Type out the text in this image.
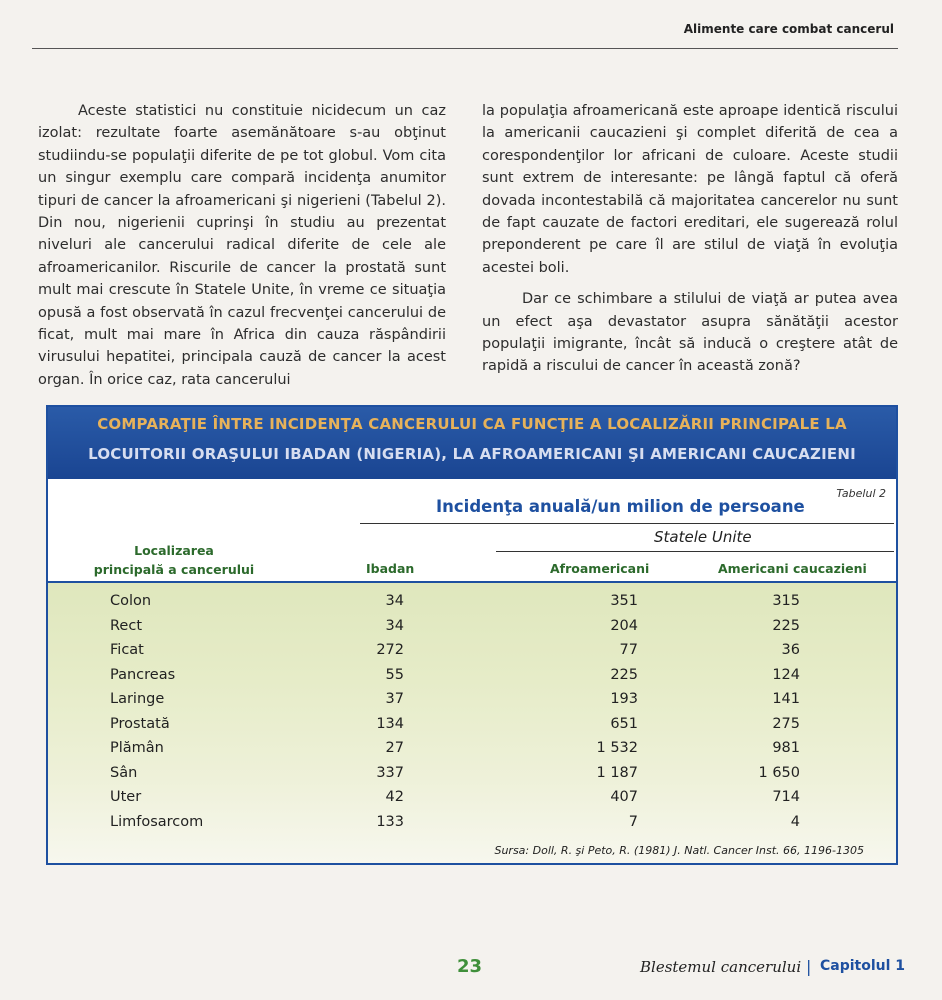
Alimente care combat cancerul

Aceste statistici nu constituie nicidecum un caz izolat: rezultate foarte asemănătoare s-au obţinut studiindu-se populaţii diferite de pe tot globul. Vom cita un singur exemplu care compară incidenţa anumitor tipuri de cancer la afroamericani şi nigerieni (Tabelul 2). Din nou, nigerienii cuprinşi în studiu au prezentat niveluri ale cancerului radical diferite de cele ale afroamericanilor. Riscurile de cancer la prostată sunt mult mai crescute în Statele Unite, în vreme ce situaţia opusă a fost observată în cazul frecvenţei cancerului de ficat, mult mai mare în Africa din cauza răspândirii virusului hepatitei, principala cauză de cancer la acest organ. În orice caz, rata cancerului

la populaţia afroamericană este aproape identică riscului la americanii caucazieni şi complet diferită de cea a corespondenţilor lor africani de culoare. Aceste studii sunt extrem de interesante: pe lângă faptul că oferă dovada incontestabilă că majoritatea cancerelor nu sunt de fapt cauzate de factori ereditari, ele sugerează rolul preponderent pe care îl are stilul de viaţă în evoluţia acestei boli.

Dar ce schimbare a stilului de viaţă ar putea avea un efect aşa devastator asupra sănătăţii acestor populaţii imigrante, încât să inducă o creştere atât de rapidă a riscului de cancer în această zonă?

COMPARAŢIE ÎNTRE INCIDENŢA CANCERULUI CA FUNCŢIE A LOCALIZĂRII PRINCIPALE LA
LOCUITORII ORAŞULUI IBADAN (NIGERIA), LA AFROAMERICANI ŞI AMERICANI CAUCAZIENI
Tabelul 2
Incidenţa anuală/un milion de persoane
Statele Unite
Localizarea
principală a cancerului	Ibadan	Afroamericani	Americani caucazieni
Colon	34	351	315
Rect	34	204	225
Ficat	272	77	36
Pancreas	55	225	124
Laringe	37	193	141
Prostată	134	651	275
Plămân	27	1 532	981
Sân	337	1 187	1 650
Uter	42	407	714
Limfosarcom	133	7	4
Sursa: Doll, R. şi Peto, R. (1981) J. Natl. Cancer Inst. 66, 1196-1305
23	Blestemul cancerului | Capitolul 1
